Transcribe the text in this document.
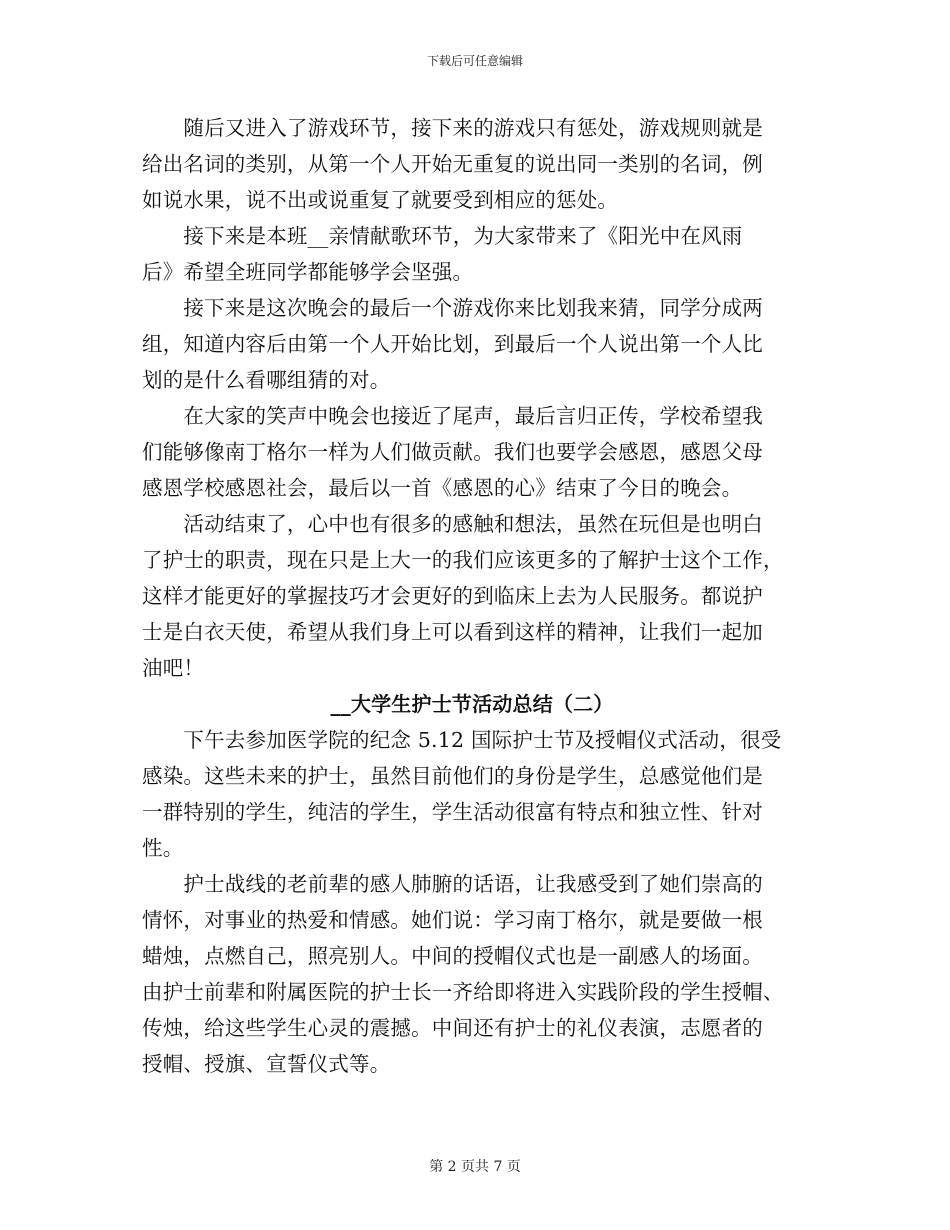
下载后可任意编辑
　　随后又进入了游戏环节，接下来的游戏只有惩处，游戏规则就是
给出名词的类别，从第一个人开始无重复的说出同一类别的名词，例
如说水果，说不出或说重复了就要受到相应的惩处。
　　接下来是本班__亲情献歌环节，为大家带来了《阳光中在风雨
后》希望全班同学都能够学会坚强。
　　接下来是这次晚会的最后一个游戏你来比划我来猜，同学分成两
组，知道内容后由第一个人开始比划，到最后一个人说出第一个人比
划的是什么看哪组猜的对。
　　在大家的笑声中晚会也接近了尾声，最后言归正传，学校希望我
们能够像南丁格尔一样为人们做贡献。我们也要学会感恩，感恩父母
感恩学校感恩社会，最后以一首《感恩的心》结束了今日的晚会。
　　活动结束了，心中也有很多的感触和想法，虽然在玩但是也明白
了护士的职责，现在只是上大一的我们应该更多的了解护士这个工作，
这样才能更好的掌握技巧才会更好的到临床上去为人民服务。都说护
士是白衣天使，希望从我们身上可以看到这样的精神，让我们一起加
油吧！
__大学生护士节活动总结（二）
　　下午去参加医学院的纪念 5.12 国际护士节及授帽仪式活动，很受
感染。这些未来的护士，虽然目前他们的身份是学生，总感觉他们是
一群特别的学生，纯洁的学生，学生活动很富有特点和独立性、针对
性。
　　护士战线的老前辈的感人肺腑的话语，让我感受到了她们崇高的
情怀，对事业的热爱和情感。她们说：学习南丁格尔，就是要做一根
蜡烛，点燃自己，照亮别人。中间的授帽仪式也是一副感人的场面。
由护士前辈和附属医院的护士长一齐给即将进入实践阶段的学生授帽、
传烛，给这些学生心灵的震撼。中间还有护士的礼仪表演，志愿者的
授帽、授旗、宣誓仪式等。
第 2 页共 7 页
